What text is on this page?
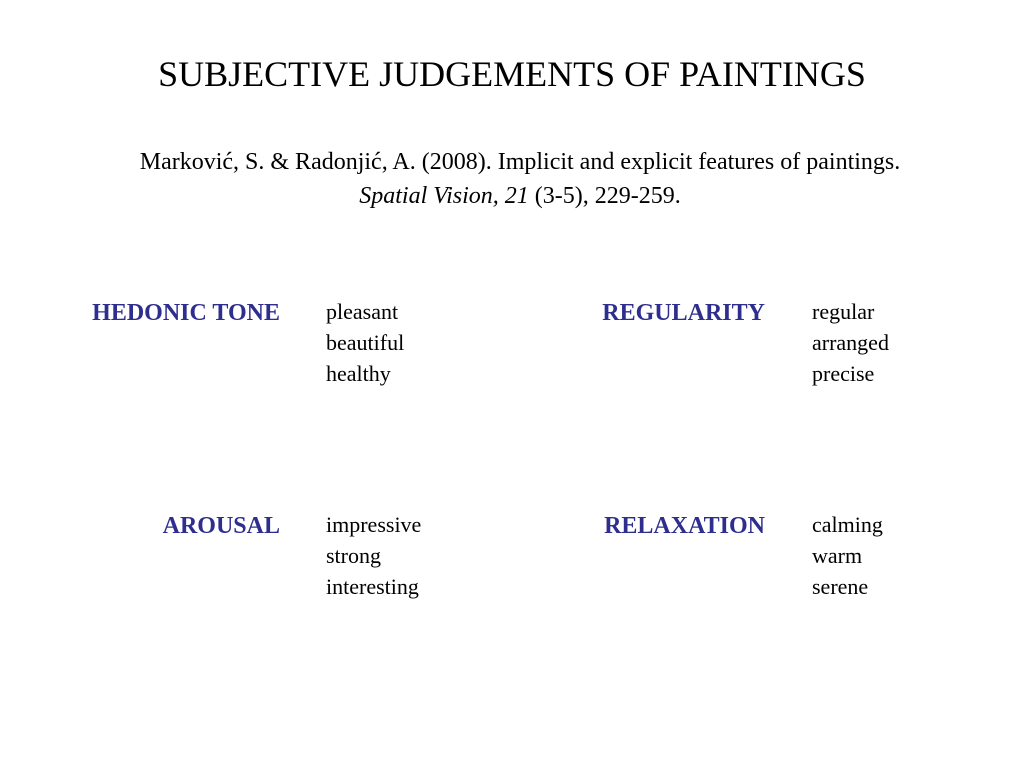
SUBJECTIVE JUDGEMENTS OF PAINTINGS
Marković, S. & Radonjić, A. (2008). Implicit and explicit features of paintings.
Spatial Vision, 21 (3-5), 229-259.
HEDONIC TONE pleasant
beautiful
healthy
REGULARITY regular
arranged
precise
AROUSAL impressive
strong
interesting
RELAXATION calming
warm
serene
